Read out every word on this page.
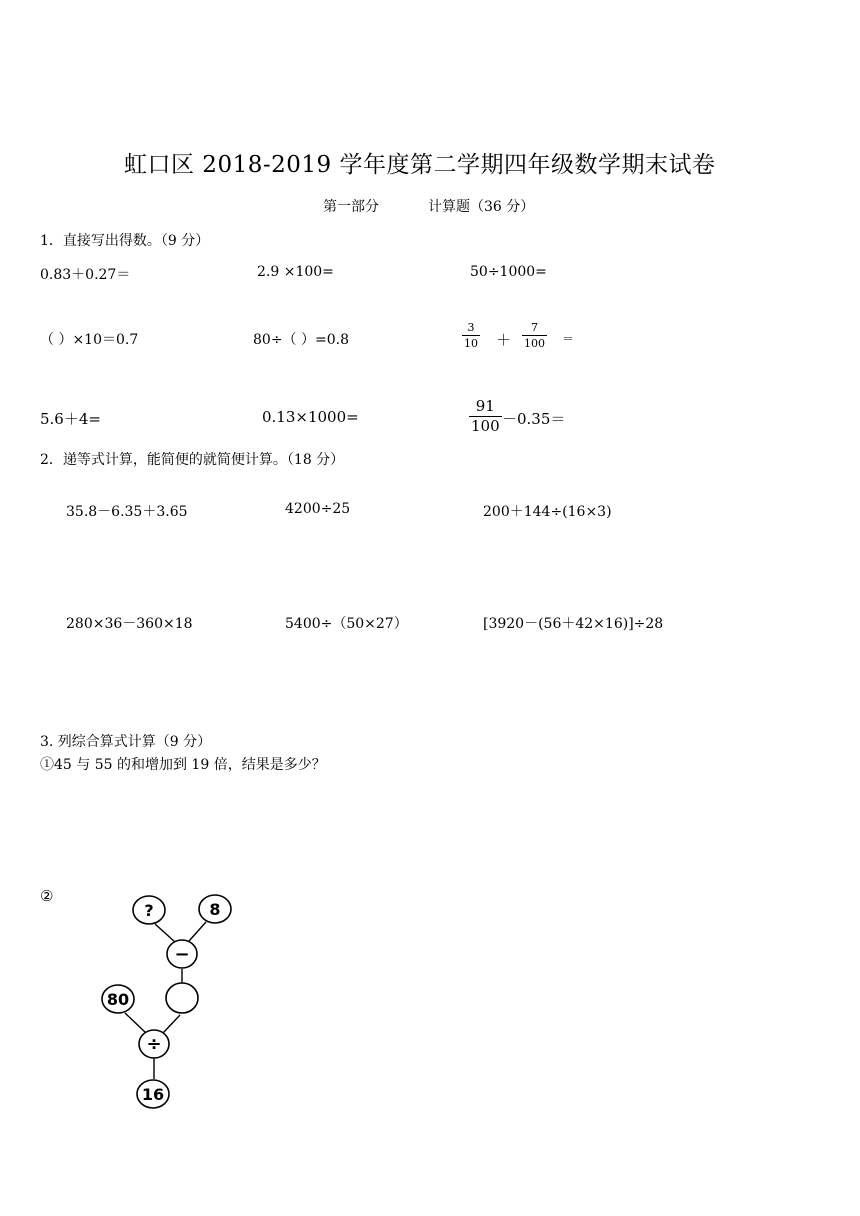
虹口区 2018-2019 学年度第二学期四年级数学期末试卷
第一部分	计算题（36 分）
1．直接写出得数。（9 分）
0.83＋0.27＝	2.9 ×100=	50÷1000=
（ ）×10＝0.7	80÷（ ）=0.8	$\frac{3}{10} + \frac{7}{100}$ ＝
5.6＋4=	0.13×1000=	$\frac{91}{100} -0.35=$
2．递等式计算，能简便的就简便计算。（18 分）
35.8－6.35＋3.65	4200÷25	200＋144÷(16×3)
280×36－360×18	5400÷（50×27）	[3920－(56＋42×16)]÷28
3. 列综合算式计算（9 分）
①45 与 55 的和增加到 19 倍，结果是多少？
②
?	8
−
80
÷
16
